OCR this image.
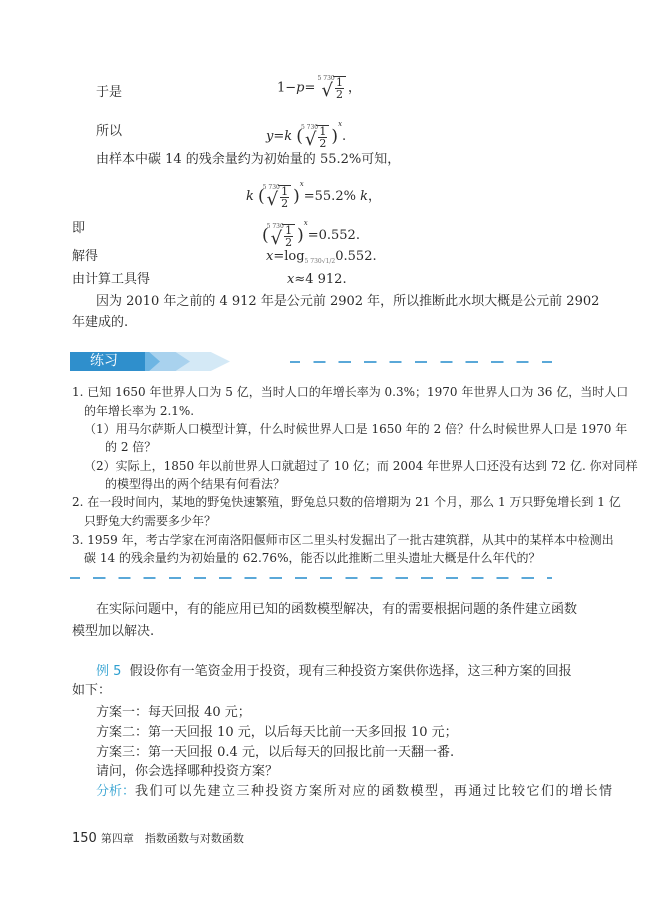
于是	1−p=
5 730
√ $\frac{1}{2}$ ，
所以	y=k (
5 730
√ $\frac{1}{2} )^x$.
由样本中碳 14 的残余量约为初始量的 55.2%可知，
k (
5 730
√ $\frac{1}{2} )^x=55.2\%$ k，
即	(
5 730
√ $\frac{1}{2} )^x=0.552$.
解得	$x=\log_{5 730√1/2}0.552$.
由计算工具得	x≈4 912.
因为 2010 年之前的 4 912 年是公元前 2902 年，所以推断此水坝大概是公元前 2902
年建成的.
练习
1. 已知 1650 年世界人口为 5 亿，当时人口的年增长率为 0.3%；1970 年世界人口为 36 亿，当时人口
的年增长率为 2.1%.
（1）用马尔萨斯人口模型计算，什么时候世界人口是 1650 年的 2 倍？什么时候世界人口是 1970 年
的 2 倍？
（2）实际上，1850 年以前世界人口就超过了 10 亿；而 2004 年世界人口还没有达到 72 亿. 你对同样
的模型得出的两个结果有何看法？
2. 在一段时间内，某地的野兔快速繁殖，野兔总只数的倍增期为 21 个月，那么 1 万只野兔增长到 1 亿
只野兔大约需要多少年？
3. 1959 年，考古学家在河南洛阳偃师市区二里头村发掘出了一批古建筑群，从其中的某样本中检测出
碳 14 的残余量约为初始量的 62.76%，能否以此推断二里头遗址大概是什么年代的？
在实际问题中，有的能应用已知的函数模型解决，有的需要根据问题的条件建立函数
模型加以解决.
例 5 假设你有一笔资金用于投资，现有三种投资方案供你选择，这三种方案的回报
如下：
方案一：每天回报 40 元；
方案二：第一天回报 10 元，以后每天比前一天多回报 10 元；
方案三：第一天回报 0.4 元，以后每天的回报比前一天翻一番.
请问，你会选择哪种投资方案？
分析：我们可以先建立三种投资方案所对应的函数模型，再通过比较它们的增长情
150 第四章　指数函数与对数函数
